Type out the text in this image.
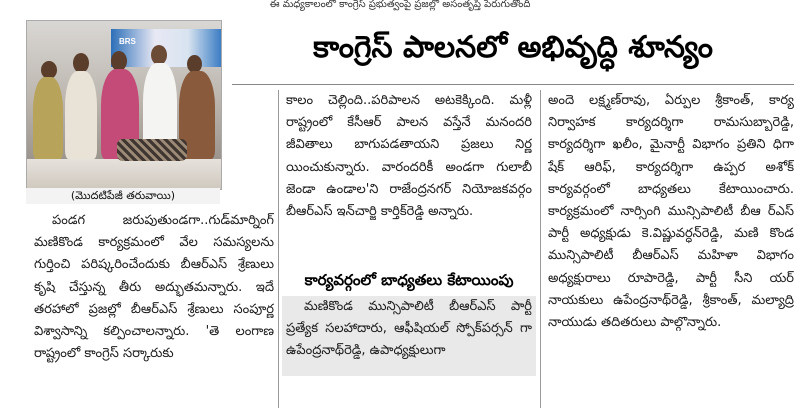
ఈ మధ్యకాలంలో కాంగ్రెస్ ప్రభుత్వంపై ప్రజల్లో అసంతృప్తి పెరుగుతోంది
BRS
(మొదటిపేజీ తరువాయి)
కాంగ్రెస్ పాలనలో అభివృద్ధి శూన్యం

పండగ జరుపుతుండగా..గుడ్‌మార్నింగ్ మణికొండ కార్యక్రమంలో వేల సమస్యలను గుర్తించి పరిష్కరించేందుకు బీఆర్ఎస్ శ్రేణులు కృషి చేస్తున్న తీరు అద్భుతమన్నారు. ఇదే తరహాలో ప్రజల్లో బీఆర్ఎస్ శ్రేణులు సంపూర్ణ విశ్వాసాన్ని కల్పించాలన్నారు. 'తె లంగాణ రాష్ట్రంలో కాంగ్రెస్ సర్కారుకు

కాలం చెల్లింది..పరిపాలన అటకెక్కింది. మళ్లీ రాష్ట్రంలో కేసీఆర్ పాలన వస్తేనే మనందరి జీవితాలు బాగుపడతాయని ప్రజలు నిర్ణ యించుకున్నారు. వారందరికీ అండగా గులాబీ జెండా ఉండాల'ని రాజేంద్రనగర్ నియోజకవర్గం బీఆర్ఎస్ ఇన్‌చార్జి కార్తిక్‌రెడ్డి అన్నారు.

కార్యవర్గంలో బాధ్యతలు కేటాయింపు

మణికొండ మున్సిపాలిటీ బీఆర్ఎస్ పార్టీ ప్రత్యేక సలహాదారు, ఆఫీషియల్ స్పోక్‌పర్సన్ గా ఉపేంద్రనాథ్‌రెడ్డి, ఉపాధ్యక్షులుగా

అందె లక్ష్మణ్‌రావు, ఏర్పుల శ్రీకాంత్, కార్య నిర్వాహక కార్యదర్శిగా రామసుబ్బారెడ్డి, కార్యదర్శిగా ఖలీం, మైనార్టీ విభాగం ప్రతిని ధిగా షేక్ ఆరిఫ్, కార్యదర్శిగా ఉప్పర అశోక్ కార్యవర్గంలో బాధ్యతలు కేటాయించారు. కార్యక్రమంలో నార్సింగి మున్సిపాలిటీ బీఆ ర్ఎస్ పార్టీ అధ్యక్షుడు కె.విష్ణువర్ధన్‌రెడ్డి, మణి కొండ మున్సిపాలిటీ బీఆర్ఎస్ మహిళా విభాగం అధ్యక్షురాలు రూపారెడ్డి, పార్టీ సీని యర్ నాయకులు ఉపేంద్రనాథ్‌రెడ్డి, శ్రీకాంత్, మల్యాద్రి నాయుడు తదితరులు పాల్గొన్నారు.
